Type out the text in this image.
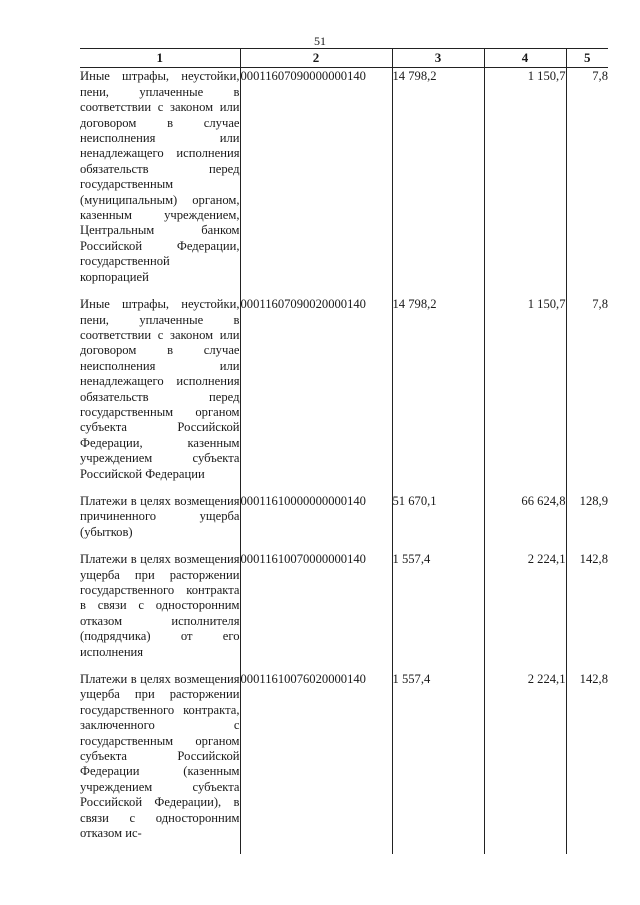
51
1	2	3	4	5
Иные штрафы, неустойки, пени, уплаченные в соответствии с законом или договором в случае неисполнения или ненадлежащего исполнения обязательств перед государственным (муниципальным) органом, казенным учреждением, Центральным банком Российской Федерации, государственной корпорацией	00011607090000000140	14 798,2	1 150,7	7,8
Иные штрафы, неустойки, пени, уплаченные в соответствии с законом или договором в случае неисполнения или ненадлежащего исполнения обязательств перед государственным органом субъекта Российской Федерации, казенным учреждением субъекта Российской Федерации	00011607090020000140	14 798,2	1 150,7	7,8
Платежи в целях возмещения причиненного ущерба (убытков)	00011610000000000140	51 670,1	66 624,8	128,9
Платежи в целях возмещения ущерба при расторжении государственного контракта в связи с односторонним отказом исполнителя (подрядчика) от его исполнения	00011610070000000140	1 557,4	2 224,1	142,8
Платежи в целях возмещения ущерба при расторжении государственного контракта, заключенного с государственным органом субъекта Российской Федерации (казенным учреждением субъекта Российской Федерации), в связи с односторонним отказом ис-	00011610076020000140	1 557,4	2 224,1	142,8
